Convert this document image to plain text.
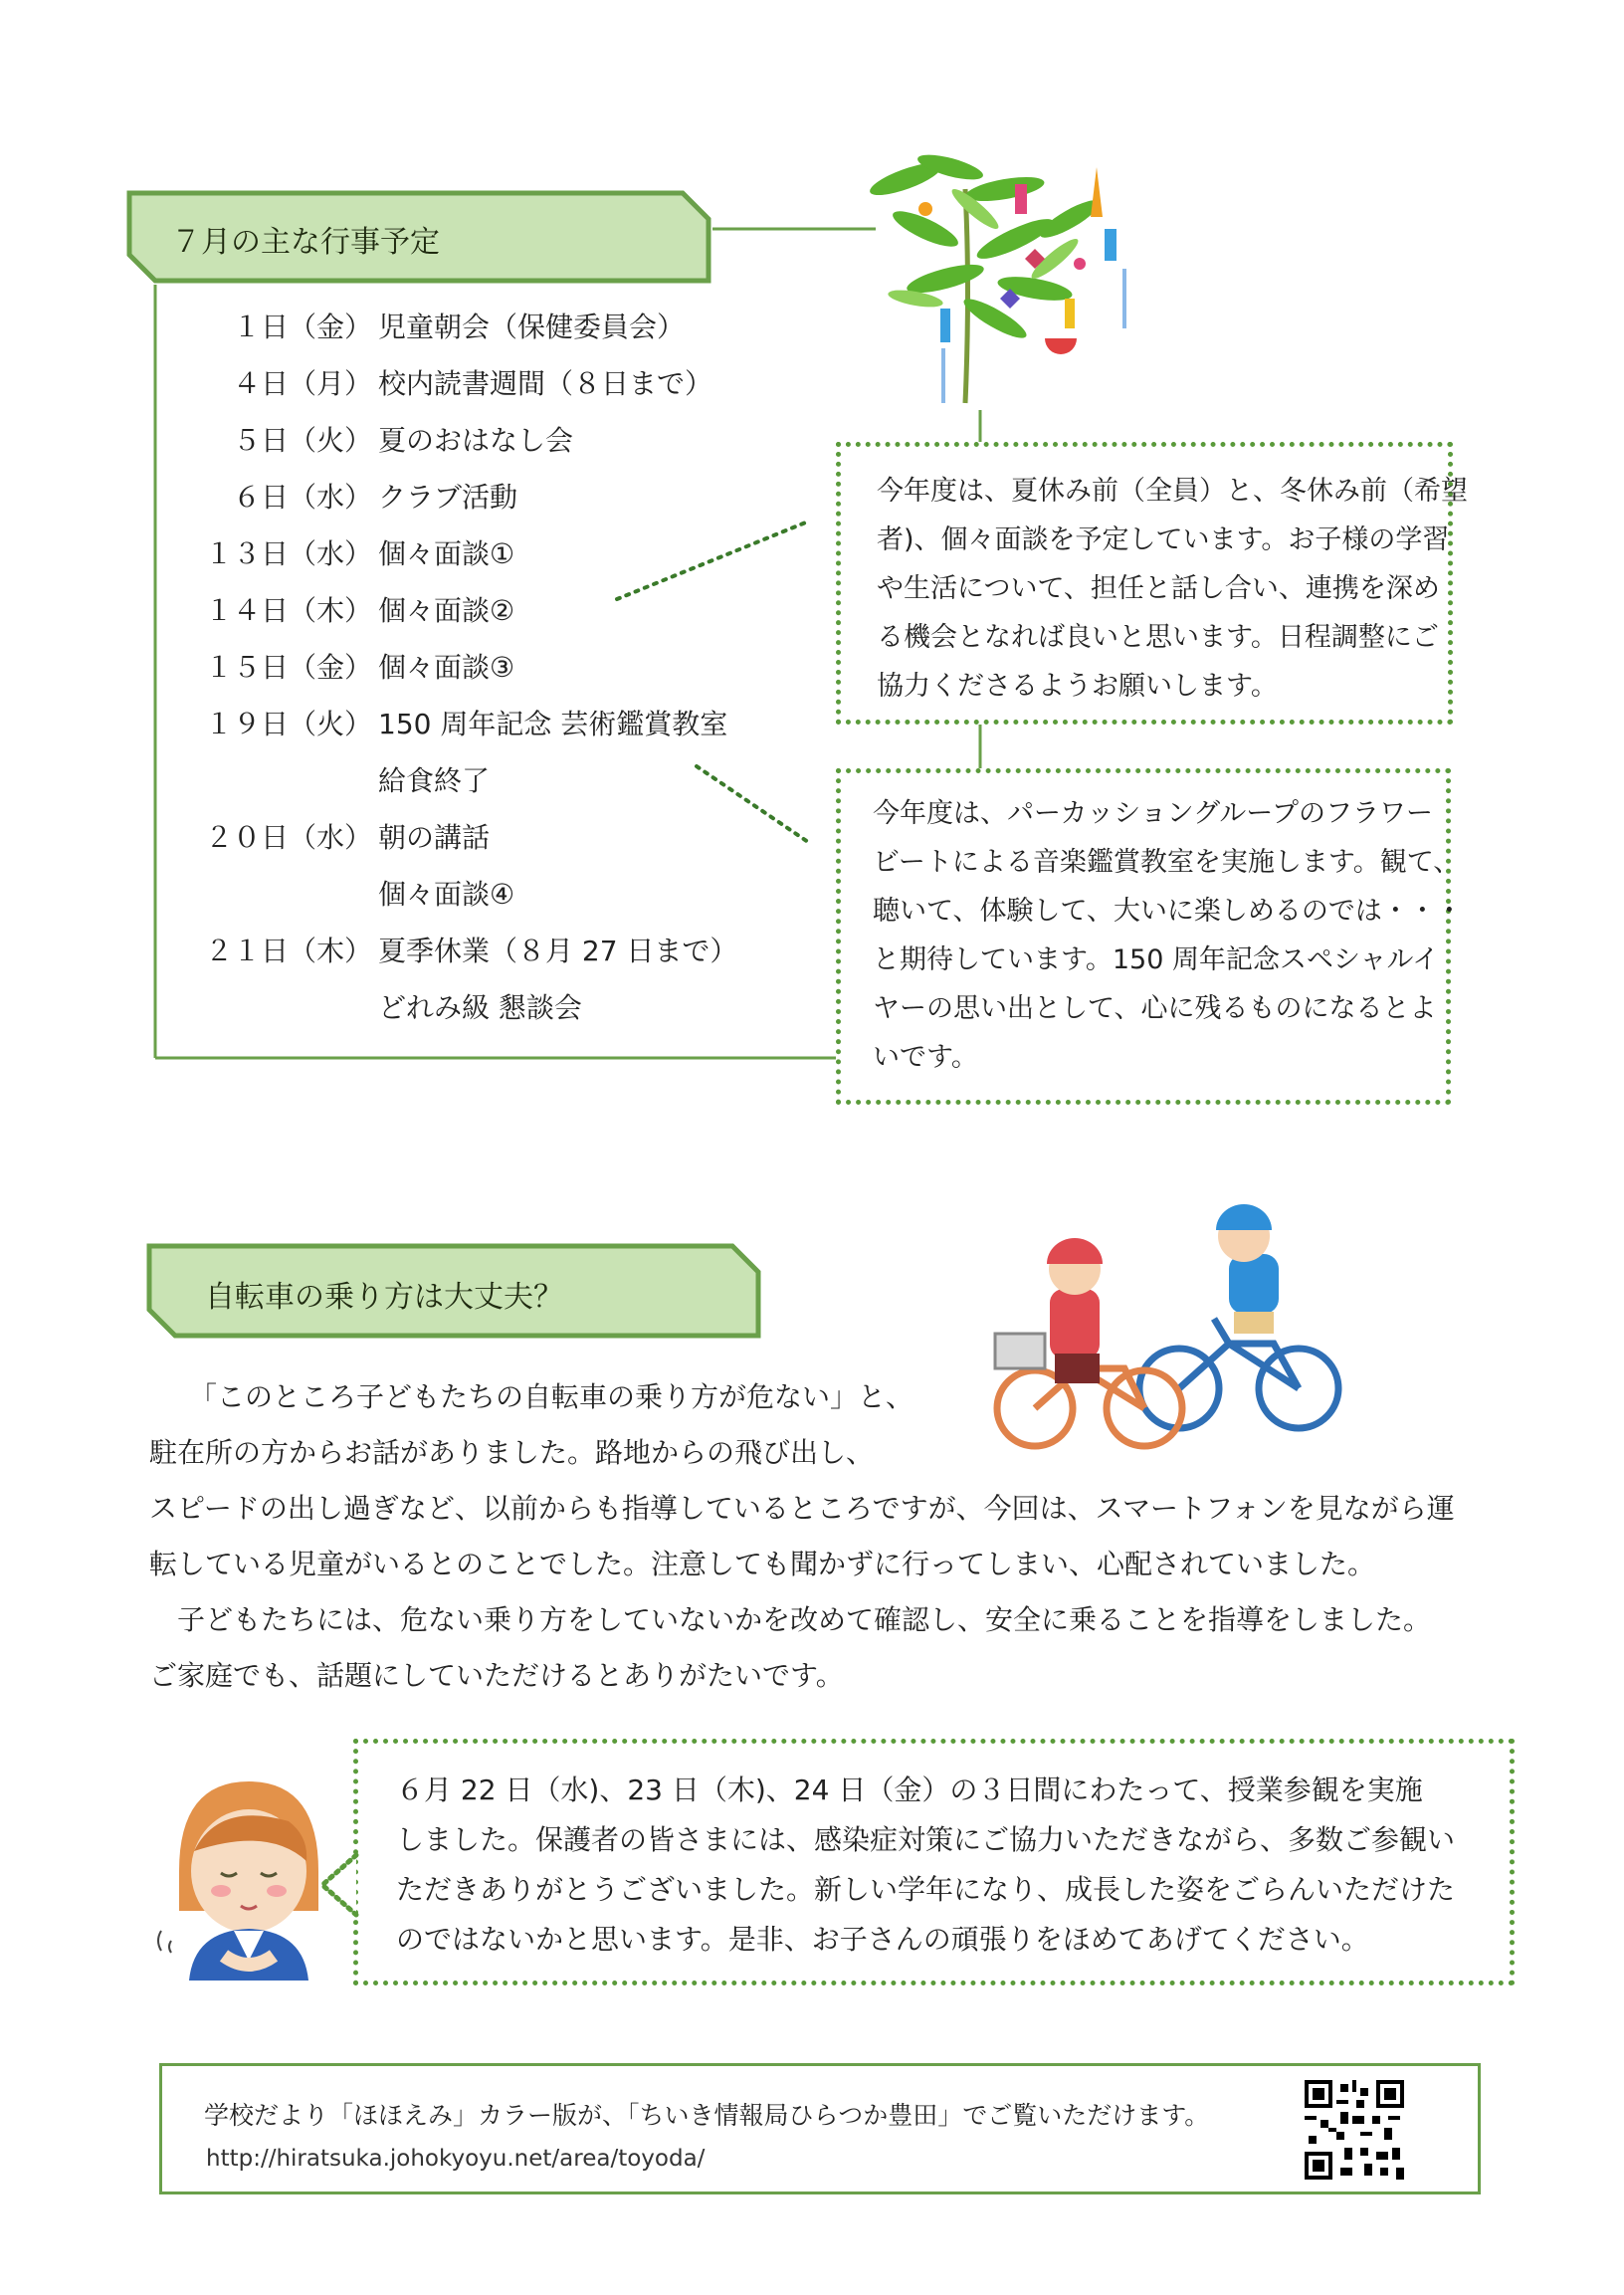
７月の主な行事予定
１日 （金） 児童朝会（保健委員会）
４日 （月） 校内読書週間（８日まで）
５日 （火） 夏のおはなし会
６日 （水） クラブ活動
１３日 （水） 個々面談①
１４日 （木） 個々面談②
１５日 （金） 個々面談③
１９日 （火） 150 周年記念 芸術鑑賞教室
給食終了
２０日 （水） 朝の講話
個々面談④
２１日 （木） 夏季休業（８月 27 日まで）
どれみ級 懇談会

今年度は、夏休み前（全員）と、冬休み前（希望

者)、個々面談を予定しています。お子様の学習

や生活について、担任と話し合い、連携を深め

る機会となれば良いと思います。日程調整にご

協力くださるようお願いします。

今年度は、パーカッショングループのフラワー

ビートによる音楽鑑賞教室を実施します。観て、

聴いて、体験して、大いに楽しめるのでは・・・

と期待しています。150 周年記念スペシャルイ

ヤーの思い出として、心に残るものになるとよ

いです。

自転車の乗り方は大丈夫？
「このところ子どもたちの自転車の乗り方が危ない」と、
駐在所の方からお話がありました。路地からの飛び出し、
スピードの出し過ぎなど、以前からも指導しているところですが、今回は、スマートフォンを見ながら運
転している児童がいるとのことでした。注意しても聞かずに行ってしまい、心配されていました。
子どもたちには、危ない乗り方をしていないかを改めて確認し、安全に乗ることを指導をしました。
ご家庭でも、話題にしていただけるとありがたいです。

６月 22 日（水)、23 日（木)、24 日（金）の３日間にわたって、授業参観を実施

しました。保護者の皆さまには、感染症対策にご協力いただきながら、多数ご参観い

ただきありがとうございました。新しい学年になり、成長した姿をごらんいただけた

のではないかと思います。是非、お子さんの頑張りをほめてあげてください。

学校だより「ほほえみ」カラー版が、「ちいき情報局ひらつか豊田」でご覧いただけます。
http://hiratsuka.johokyoyu.net/area/toyoda/
